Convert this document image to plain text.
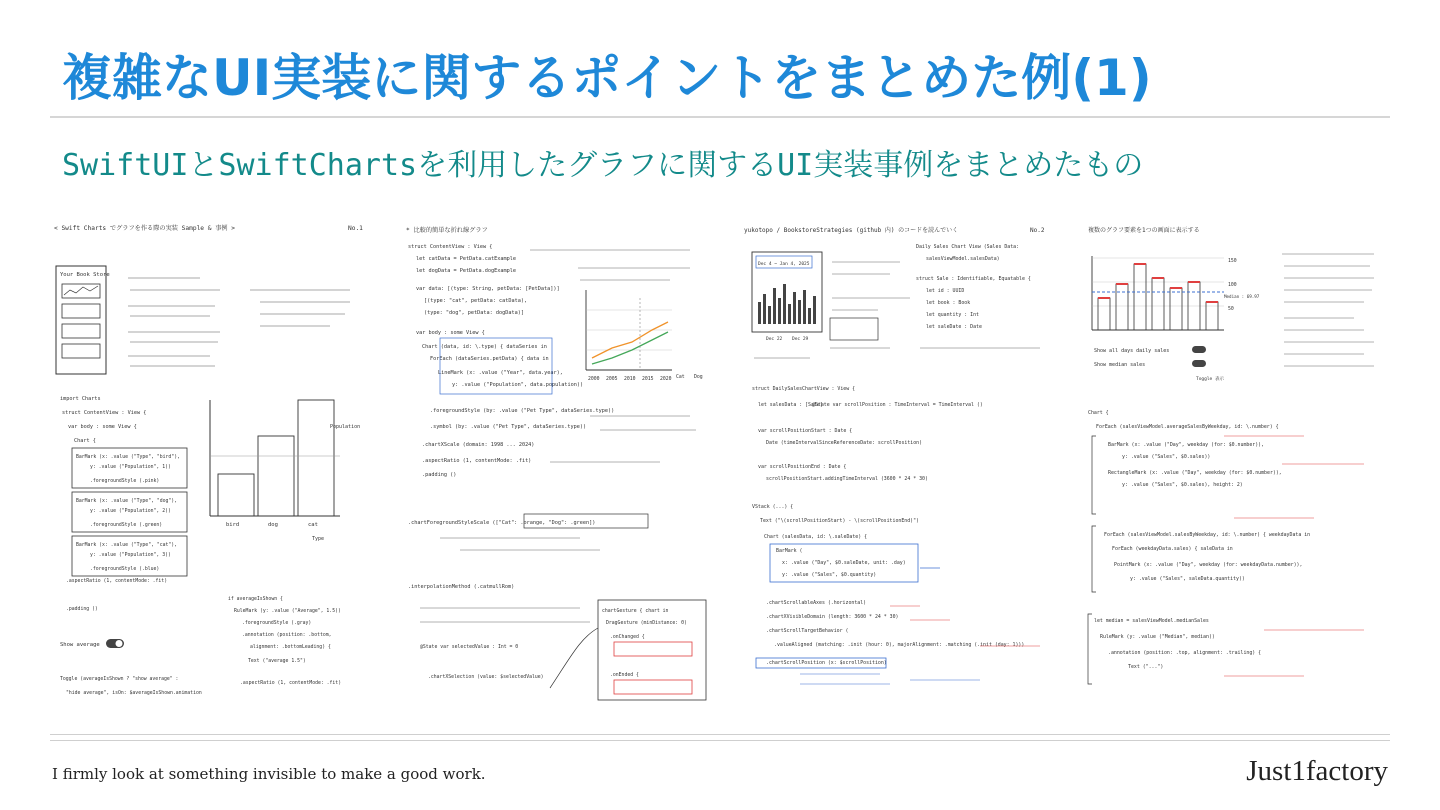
複雑なUI実装に関するポイントをまとめた例(1)
SwiftUIとSwiftChartsを利用したグラフに関するUI実装事例をまとめたもの
< Swift Charts でグラフを作る際の実装 Sample & 事例 >	No.1
Your Book Store
import Charts
struct ContentView : View {
var body : some View {
Chart {
BarMark (x: .value ("Type", "bird"),
y: .value ("Population", 1))
.foregroundStyle (.pink)
BarMark (x: .value ("Type", "dog"),
y: .value ("Population", 2))
.foregroundStyle (.green)
BarMark (x: .value ("Type", "cat"),
y: .value ("Population", 3))
.foregroundStyle (.blue)
.aspectRatio (1, contentMode: .fit)
.padding ()
bird	dog	cat
Population
Type
Show average
Toggle (averageIsShown ? "show average" :
"hide average", isOn: $averageIsShown.animation
if averageIsShown {
RuleMark (y: .value ("Average", 1.5))
.foregroundStyle (.gray)
.annotation (position: .bottom,
alignment: .bottomLeading) {
Text ("average 1.5")
.aspectRatio (1, contentMode: .fit)
* 比較的簡単な折れ線グラフ
struct ContentView : View {
let catData = PetData.catExample
let dogData = PetData.dogExample
var data: [(type: String, petData: [PetData])]
[(type: "cat", petData: catData),
(type: "dog", petData: dogData)]
var body : some View {
Chart (data, id: \.type) { dataSeries in
ForEach (dataSeries.petData) { data in
LineMark (x: .value ("Year", data.year),
y: .value ("Population", data.population))
.foregroundStyle (by: .value ("Pet Type", dataSeries.type))
.symbol (by: .value ("Pet Type", dataSeries.type))
.chartXScale (domain: 1998 ... 2024)
.aspectRatio (1, contentMode: .fit)
.padding ()
.chartForegroundStyleScale (["Cat": .orange, "Dog": .green])
.interpolationMethod (.catmullRom)
2000 2005 2010 2015 2020 Cat Dog
chartGesture { chart in
DragGesture (minDistance: 0)
.onChanged {
.onEnded {
@State var selectedValue : Int = 0
.chartXSelection (value: $selectedValue)
yukotopo / BookstoreStrategies (github 内) のコードを読んでいく	No.2
Dec 4 ~ Jan 4, 2025
Dec 22 Dec 29
Daily Sales Chart View (Sales Data:
salesViewModel.salesData)
struct Sale : Identifiable, Equatable {
let id : UUID
let book : Book
let quantity : Int
let saleDate : Date
struct DailySalesChartView : View {
let salesData : [Sale]
@State var scrollPosition : TimeInterval = TimeInterval ()
var scrollPositionStart : Date {
Date (timeIntervalSinceReferenceDate: scrollPosition)
var scrollPositionEnd : Date {
scrollPositionStart.addingTimeInterval (3600 * 24 * 30)
VStack (...) {
Text ("\(scrollPositionStart) - \(scrollPositionEnd)")
Chart (salesData, id: \.saleDate) {
BarMark (
x: .value ("Day", $0.saleDate, unit: .day)
y: .value ("Sales", $0.quantity)
.chartScrollableAxes (.horizontal)
.chartXVisibleDomain (length: 3600 * 24 * 30)
.chartScrollTargetBehavior (
.valueAligned (matching: .init (hour: 0), majorAlignment: .matching (.init (day: 1)))
.chartScrollPosition (x: $scrollPosition)
複数のグラフ要素を1つの画面に表示する
150
100
50
Median : 69.97
Show all days daily sales
Show median sales
Toggle 表示
Chart {
ForEach (salesViewModel.averageSalesByWeekday, id: \.number) {
BarMark (x: .value ("Day", weekday (for: $0.number)),
y: .value ("Sales", $0.sales))
RectangleMark (x: .value ("Day", weekday (for: $0.number)),
y: .value ("Sales", $0.sales), height: 2)
ForEach (salesViewModel.salesByWeekday, id: \.number) { weekdayData in
ForEach (weekdayData.sales) { saleData in
PointMark (x: .value ("Day", weekday (for: weekdayData.number)),
y: .value ("Sales", saleData.quantity))
let median = salesViewModel.medianSales
RuleMark (y: .value ("Median", median))
.annotation (position: .top, alignment: .trailing) {
Text ("...")
I firmly look at something invisible to make a good work.	Just1factory
